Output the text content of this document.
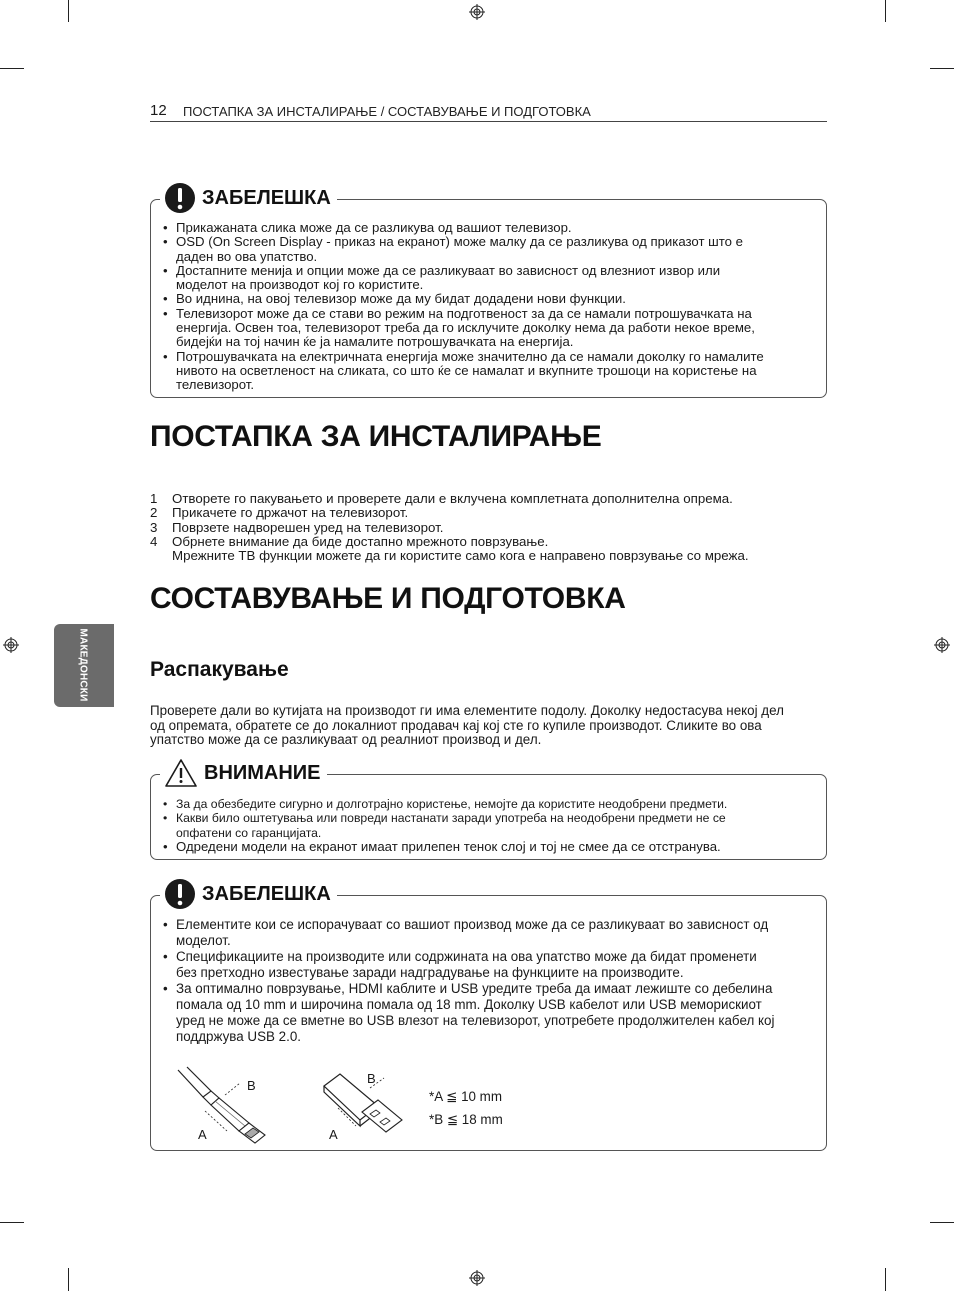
12 ПОСТАПКА ЗА ИНСТАЛИРАЊЕ / СОСТАВУВАЊЕ И ПОДГОТОВКА
МАКЕДОНСКИ
ЗАБЕЛЕШКА
• Прикажаната слика може да се разликува од вашиот телевизор.
• OSD (On Screen Display - приказ на екранот) може малку да се разликува од приказот што е
даден во ова упатство.
• Достапните менија и опции може да се разликуваат во зависност од влезниот извор или
моделот на производот кој го користите.
• Во иднина, на овој телевизор може да му бидат додадени нови функции.
• Телевизорот може да се стави во режим на подготвеност за да се намали потрошувачката на
енергија. Освен тоа, телевизорот треба да го исклучите доколку нема да работи некое време,
бидејќи на тој начин ќе ја намалите потрошувачката на енергија.
• Потрошувачката на електричната енергија може значително да се намали доколку го намалите
нивото на осветленост на сликата, со што ќе се намалат и вкупните трошоци на користење на
телевизорот.
ПОСТАПКА ЗА ИНСТАЛИРАЊЕ
1	Отворете го пакувањето и проверете дали е вклучена комплетната дополнителна опрема.
2	Прикачете го држачот на телевизорот.
3	Поврзете надворешен уред на телевизорот.
4	Обрнете внимание да биде достапно мрежното поврзување.
Мрежните ТВ функции можете да ги користите само кога е направено поврзување со мрежа.
СОСТАВУВАЊЕ И ПОДГОТОВКА
Распакување
Проверете дали во кутијата на производот ги има елементите подолу. Доколку недостасува некој дел
од опремата, обратете се до локалниот продавач кај кој сте го купиле производот. Сликите во ова
упатство може да се разликуваат од реалниот производ и дел.
ВНИМАНИЕ
• За да обезбедите сигурно и долготрајно користење, немојте да користите неодобрени предмети.
• Какви било оштетувања или повреди настанати заради употреба на неодобрени предмети не се
опфатени со гаранцијата.
• Одредени модели на екранот имаат прилепен тенок слој и тој не смее да се отстранува.
ЗАБЕЛЕШКА
• Елементите кои се испорачуваат со вашиот производ може да се разликуваат во зависност од
моделот.
• Спецификациите на производите или содржината на ова упатство може да бидат променети
без претходно известување заради надградување на функциите на производите.
• За оптимално поврзување, HDMI каблите и USB уредите треба да имаат лежиште со дебелина
помала од 10 mm и широчина помала од 18 mm. Доколку USB кабелот или USB меморискиот
уред не може да се вметне во USB влезот на телевизорот, употребете продолжителен кабел кој
поддржува USB 2.0.
A
B
A
B
*A ≦ 10 mm
*B ≦ 18 mm
